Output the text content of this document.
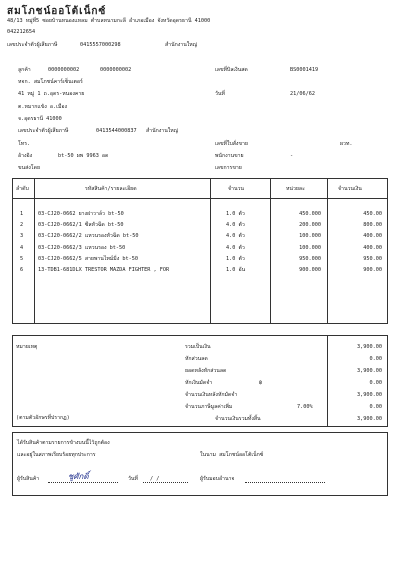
สมโภชน์ออโต้เน็กซ์
48/13 หมู่ที่5 ซอยบ้านหนองแหลม ตำบลหนามกะลี อำเภอเมือง จังหวัดอุดรธานี 41000
042212654
เลขประจำตัวผู้เสียภาษี	0415557000298	สำนักงานใหญ่
ลูกค้า	0000000002	0000000002	เลขที่บิลเงินสด	BS0001419
หจก. สมโภชน์คาร์เซ็นเตอร์
41 หมู่ 1 ถ.อุดร-หนองคาย	วันที่	21/06/62
ต.หมากแข้ง อ.เมือง
จ.อุดรธานี 41000
เลขประจำตัวผู้เสียภาษี	0413544000837 สำนักงานใหญ่
โทร.	เลขที่ใบสั่งขาย	ผวท.
อ้างอิง	bt-50 ผพ 9963 อด	พนักงานขาย	-
ขนส่งโดย	เลขการขาย
ลำดับ	รหัสสินค้า/รายละเอียด	จำนวน	หน่วยละ	จำนวนเงิน
1	03-CJ20-0662 ยางฝาวาล์ว bt-50	1.0 ตัว	450.000	450.00
2	03-CJ20-0662/1 ซีลหัวฉีด bt-50	4.0 ตัว	200.000	800.00
3	03-CJ20-0662/2 แหวนรองหัวฉีด bt-50	4.0 ตัว	100.000	400.00
4	03-CJ20-0662/3 แหวนรอง bt-50	4.0 ตัว	100.000	400.00
5	03-CJ20-0662/5 สายพานไทม์มิ่ง bt-50	1.0 ตัว	950.000	950.00
6	13-TDB1-681DLX TRESTOR MAZDA FIGHTER , FOR	1.0 อัน	900.000	900.00
หมายเหตุ
(ตามตัวอักษรที่ปรากฏ)
รวมเป็นเงิน	3,900.00
หักส่วนลด	0.00
ยอดหลังหักส่วนลด	3,900.00
หักเงินมัดจำ	฿	0.00
จำนวนเงินหลังหักมัดจำ	3,900.00
จำนวนภาษีมูลค่าเพิ่ม	7.00%	0.00
จำนวนเงินรวมทั้งสิ้น	3,900.00
ได้รับสินค้าตามรายการข้างบนนี้ไว้ถูกต้อง
และอยู่ในสภาพเรียบร้อยทุกประการ	ในนาม สมโภชน์ออโต้เน็กซ์
ผู้รับสินค้า	ชูศักดิ์	วันที่ / /	ผู้รับมอบอำนาจ
